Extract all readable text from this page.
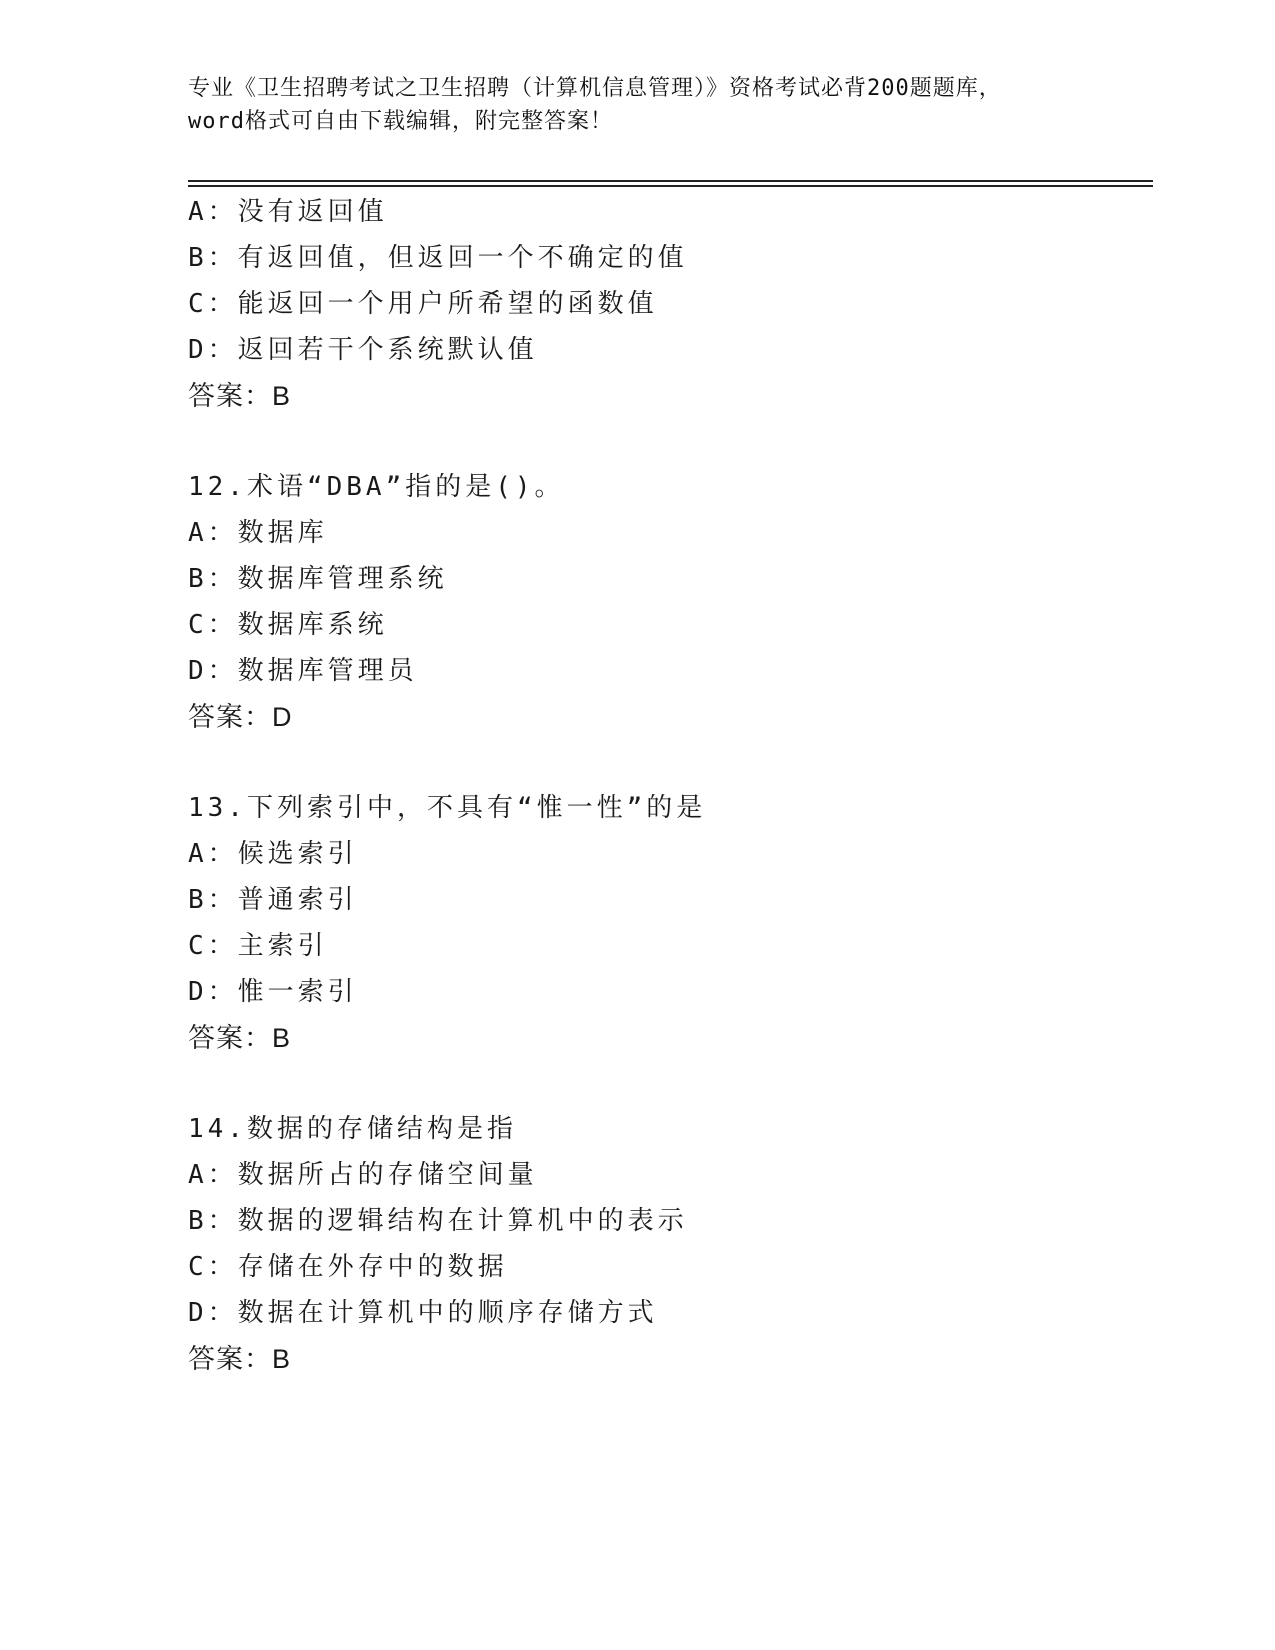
专业《卫生招聘考试之卫生招聘（计算机信息管理）》资格考试必背200题题库，
word格式可自由下载编辑，附完整答案！
A：没有返回值
B：有返回值，但返回一个不确定的值
C：能返回一个用户所希望的函数值
D：返回若干个系统默认值
答案：B
12.术语“DBA”指的是()。
A：数据库
B：数据库管理系统
C：数据库系统
D：数据库管理员
答案：D
13.下列索引中，不具有“惟一性”的是
A：候选索引
B：普通索引
C：主索引
D：惟一索引
答案：B
14.数据的存储结构是指
A：数据所占的存储空间量
B：数据的逻辑结构在计算机中的表示
C：存储在外存中的数据
D：数据在计算机中的顺序存储方式
答案：B
